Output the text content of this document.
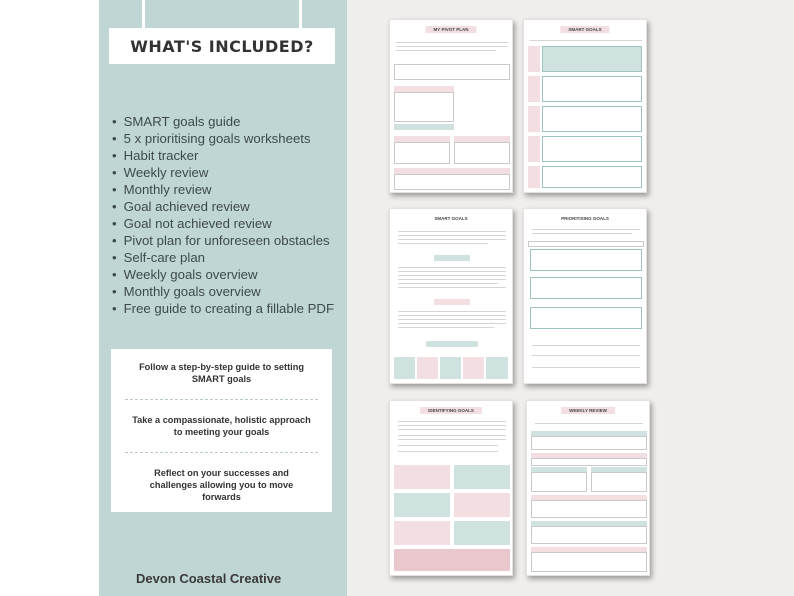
WHAT'S INCLUDED?
• SMART goals guide
• 5 x prioritising goals worksheets
• Habit tracker
• Weekly review
• Monthly review
• Goal achieved review
• Goal not achieved review
• Pivot plan for unforeseen obstacles
• Self-care plan
• Weekly goals overview
• Monthly goals overview
• Free guide to creating a fillable PDF
Follow a step-by-step guide to setting SMART goals
Take a compassionate, holistic approach to meeting your goals
Reflect on your successes and challenges allowing you to move forwards
Devon Coastal Creative
MY PIVOT PLAN	SMART GOALS
SMART GOALS	PRIORITISING GOALS
IDENTIFYING GOALS	WEEKLY REVIEW
